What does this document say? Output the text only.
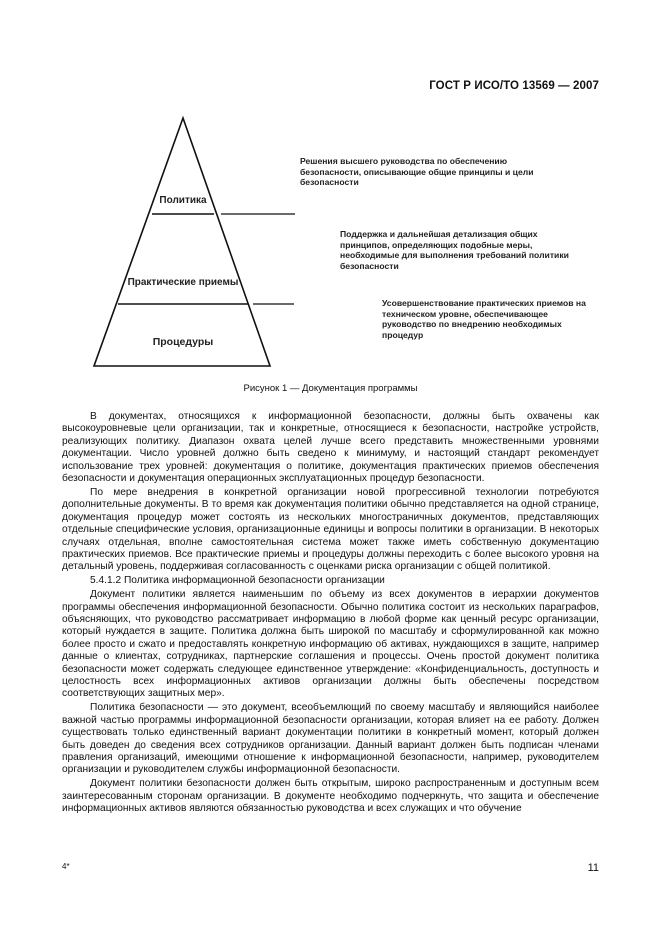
ГОСТ Р ИСО/ТО 13569 — 2007
Политика
Практические приемы
Процедуры
Решения высшего руководства по обеспечению безопасности, описывающие общие принципы и цели безопасности
Поддержка и дальнейшая детализация общих принципов, определяющих подобные меры, необходимые для выполнения требований политики безопасности
Усовершенствование практических приемов на техническом уровне, обеспечивающее руководство по внедрению необходимых процедур
Рисунок 1 — Документация программы

В документах, относящихся к информационной безопасности, должны быть охвачены как высокоуровневые цели организации, так и конкретные, относящиеся к безопасности, настройке устройств, реализующих политику. Диапазон охвата целей лучше всего представить множественными уровнями документации. Число уровней должно быть сведено к минимуму, и настоящий стандарт рекомендует использование трех уровней: документация о политике, документация практических приемов обеспечения безопасности и документация операционных эксплуатационных процедур безопасности.

По мере внедрения в конкретной организации новой прогрессивной технологии потребуются дополнительные документы. В то время как документация политики обычно представляется на одной странице, документация процедур может состоять из нескольких многостраничных документов, представляющих отдельные специфические условия, организационные единицы и вопросы политики в организации. В некоторых случаях отдельная, вполне самостоятельная система может также иметь собственную документацию практических приемов. Все практические приемы и процедуры должны переходить с более высокого уровня на детальный уровень, поддерживая согласованность с оценками риска организации с общей политикой.

5.4.1.2 Политика информационной безопасности организации

Документ политики является наименьшим по объему из всех документов в иерархии документов программы обеспечения информационной безопасности. Обычно политика состоит из нескольких параграфов, объясняющих, что руководство рассматривает информацию в любой форме как ценный ресурс организации, который нуждается в защите. Политика должна быть широкой по масштабу и сформулированной как можно более просто и сжато и предоставлять конкретную информацию об активах, нуждающихся в защите, например данные о клиентах, сотрудниках, партнерские соглашения и процессы. Очень простой документ политика безопасности может содержать следующее единственное утверждение: «Конфиденциальность, доступность и целостность всех информационных активов организации должны быть обеспечены посредством соответствующих защитных мер».

Политика безопасности — это документ, всеобъемлющий по своему масштабу и являющийся наиболее важной частью программы информационной безопасности организации, которая влияет на ее работу. Должен существовать только единственный вариант документации политики в конкретный момент, который должен быть доведен до сведения всех сотрудников организации. Данный вариант должен быть подписан членами правления организаций, имеющими отношение к информационной безопасности, например, руководителем организации и руководителем службы информационной безопасности.

Документ политики безопасности должен быть открытым, широко распространенным и доступным всем заинтересованным сторонам организации. В документе необходимо подчеркнуть, что защита и обеспечение информационных активов являются обязанностью руководства и всех служащих и что обучение

4*	11
